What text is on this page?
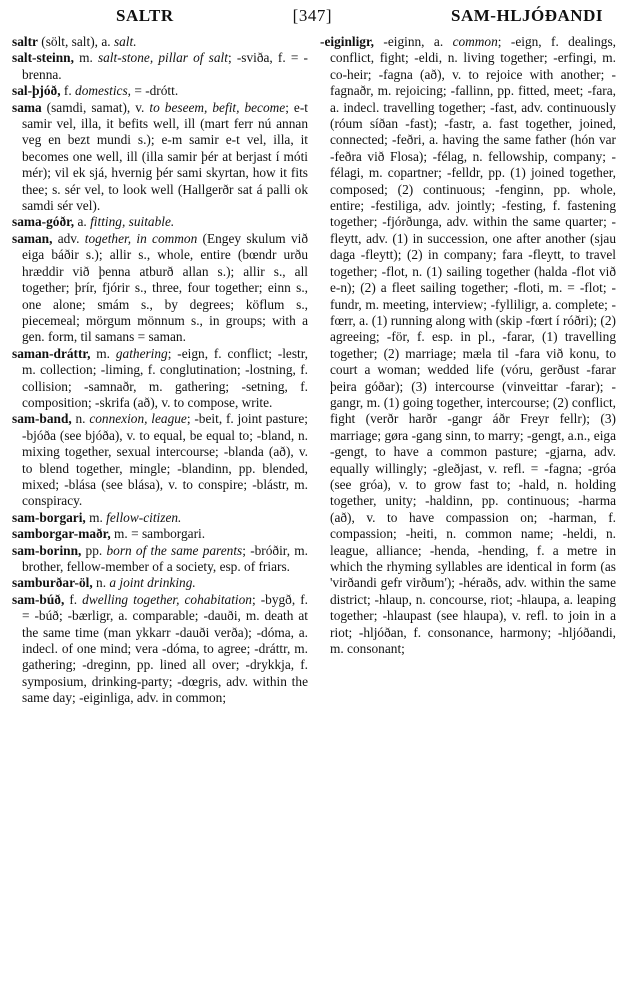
SALTR	[347]	SAM-HLJÓÐANDI

saltr (sölt, salt), a. salt.

salt-steinn, m. salt-stone, pillar of salt; -sviða, f. = -brenna.

sal-þjóð, f. domestics, = -drótt.

sama (samdi, samat), v. to beseem, befit, become; e-t samir vel, illa, it befits well, ill (mart ferr nú annan veg en bezt mundi s.); e-m samir e-t vel, illa, it becomes one well, ill (illa samir þér at berjast í móti mér); vil ek sjá, hvernig þér sami skyrtan, how it fits thee; s. sér vel, to look well (Hallgerðr sat á palli ok samdi sér vel).

sama-góðr, a. fitting, suitable.

saman, adv. together, in common (Engey skulum við eiga báðir s.); allir s., whole, entire (bœndr urðu hræddir við þenna atburð allan s.); allir s., all together; þrír, fjórir s., three, four together; einn s., one alone; smám s., by degrees; köflum s., piecemeal; mörgum mönnum s., in groups; with a gen. form, til samans = saman.

saman-dráttr, m. gathering; -eign, f. conflict; -lestr, m. collection; -liming, f. conglutination; -lostning, f. collision; -samnaðr, m. gathering; -setning, f. composition; -skrifa (að), v. to compose, write.

sam-band, n. connexion, league; -beit, f. joint pasture; -bjóða (see bjóða), v. to equal, be equal to; -bland, n. mixing together, sexual intercourse; -blanda (að), v. to blend together, mingle; -blandinn, pp. blended, mixed; -blása (see blása), v. to conspire; -blástr, m. conspiracy.

sam-borgari, m. fellow-citizen.

samborgar-maðr, m. = samborgari.

sam-borinn, pp. born of the same parents; -bróðir, m. brother, fellow-member of a society, esp. of friars.

samburðar-öl, n. a joint drinking.

sam-búð, f. dwelling together, cohabitation; -bygð, f. = -búð; -bærligr, a. comparable; -dauði, m. death at the same time (man ykkarr -dauði verða); -dóma, a. indecl. of one mind; vera -dóma, to agree; -dráttr, m. gathering; -dreginn, pp. lined all over; -drykkja, f. symposium, drinking-party; -dœgris, adv. within the same day; -eiginliga, adv. in common;

-eiginligr, -eiginn, a. common; -eign, f. dealings, conflict, fight; -eldi, n. living together; -erfingi, m. co-heir; -fagna (að), v. to rejoice with another; -fagnaðr, m. rejoicing; -fallinn, pp. fitted, meet; -fara, a. indecl. travelling together; -fast, adv. continuously (róum síðan -fast); -fastr, a. fast together, joined, connected; -feðri, a. having the same father (hón var -feðra við Flosa); -félag, n. fellowship, company; -félagi, m. copartner; -felldr, pp. (1) joined together, composed; (2) continuous; -fenginn, pp. whole, entire; -festiliga, adv. jointly; -festing, f. fastening together; -fjórðunga, adv. within the same quarter; -fleytt, adv. (1) in succession, one after another (sjau daga -fleytt); (2) in company; fara -fleytt, to travel together; -flot, n. (1) sailing together (halda -flot við e-n); (2) a fleet sailing together; -floti, m. = -flot; -fundr, m. meeting, interview; -fylliligr, a. complete; -fœrr, a. (1) running along with (skip -fœrt í róðri); (2) agreeing; -för, f. esp. in pl., -farar, (1) travelling together; (2) marriage; mæla til -fara við konu, to court a woman; wedded life (vóru, gerðust -farar þeira góðar); (3) intercourse (vinveittar -farar); -gangr, m. (1) going together, intercourse; (2) conflict, fight (verðr harðr -gangr áðr Freyr fellr); (3) marriage; gøra -gang sinn, to marry; -gengt, a.n., eiga -gengt, to have a common pasture; -gjarna, adv. equally willingly; -gleðjast, v. refl. = -fagna; -gróa (see gróa), v. to grow fast to; -hald, n. holding together, unity; -haldinn, pp. continuous; -harma (að), v. to have compassion on; -harman, f. compassion; -heiti, n. common name; -heldi, n. league, alliance; -henda, -hending, f. a metre in which the rhyming syllables are identical in form (as 'virðandi gefr virðum'); -héraðs, adv. within the same district; -hlaup, n. concourse, riot; -hlaupa, a. leaping together; -hlaupast (see hlaupa), v. refl. to join in a riot; -hljóðan, f. consonance, harmony; -hljóðandi, m. consonant;
